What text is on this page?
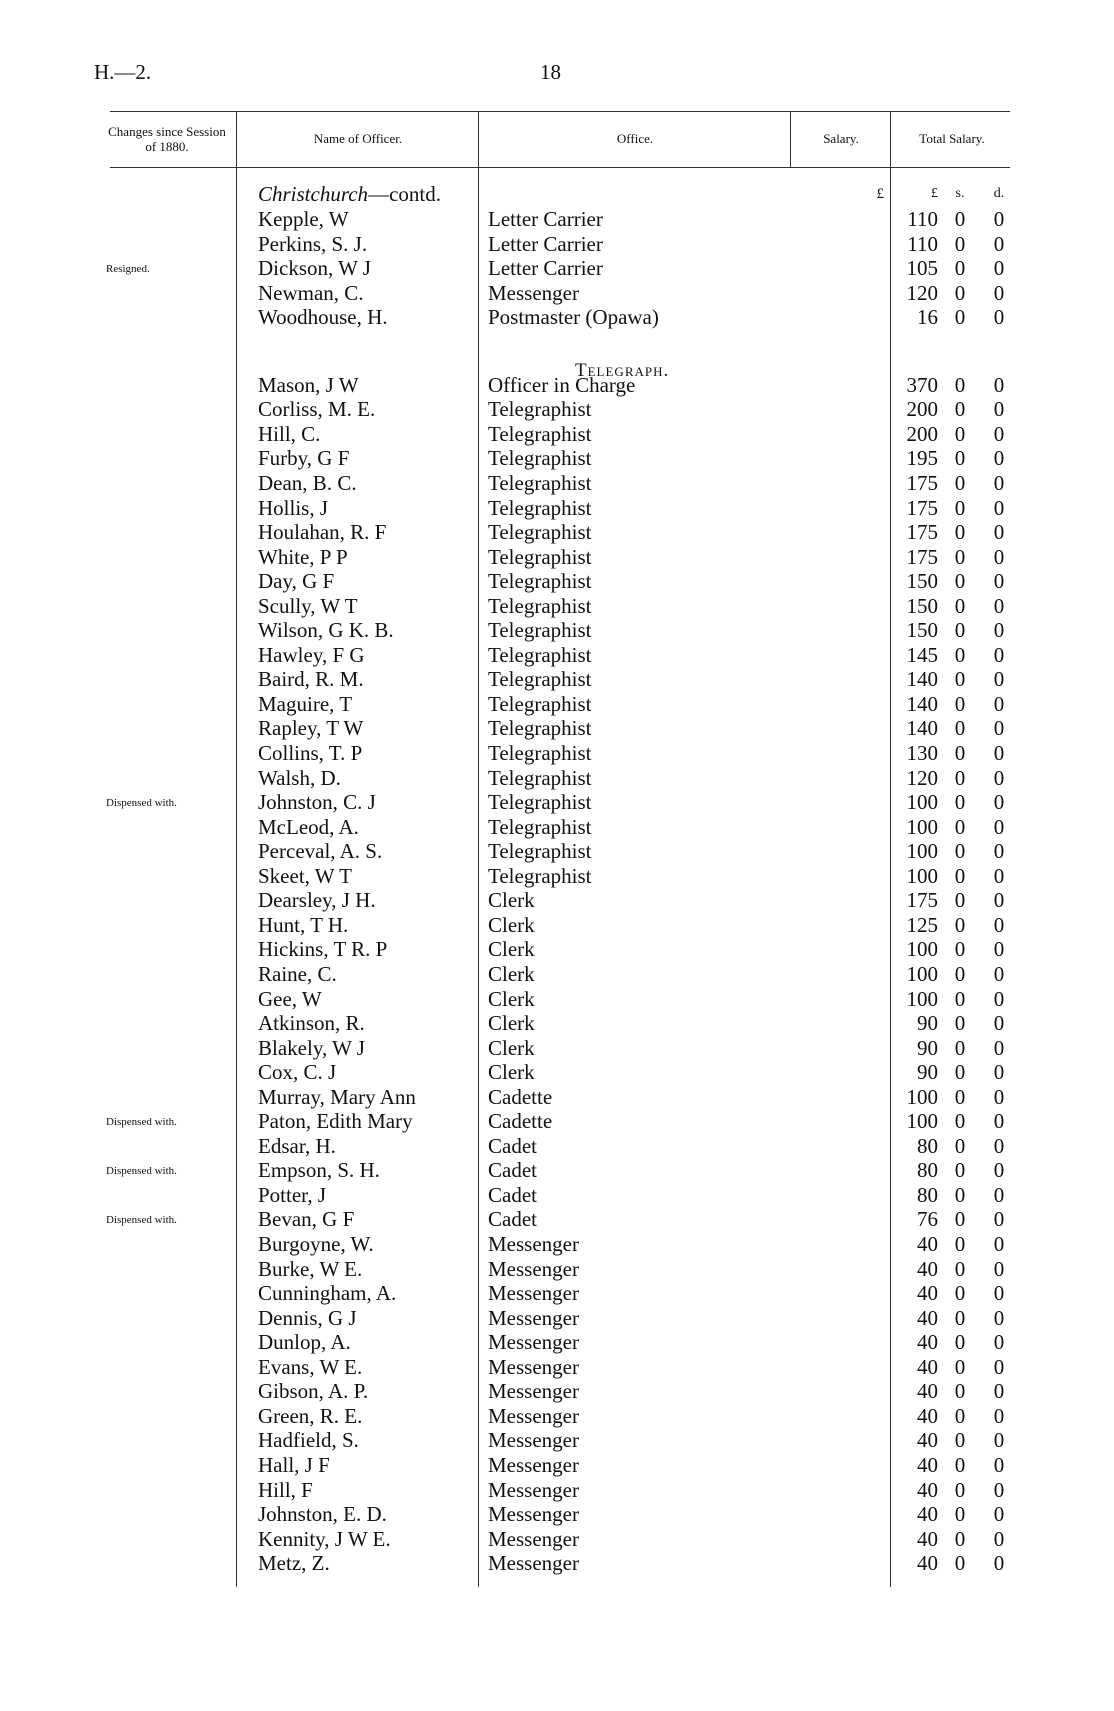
H.—2.	18
Changes since Session of 1880.
Name of Officer.	Office.	Salary.	Total Salary.
Christchurch—contd.	£	£	s.	d.
Telegraph.
Kepple, W	Letter Carrier	110 0 0
Perkins, S. J.	Letter Carrier	110 0 0
Resigned.	Dickson, W J	Letter Carrier	105 0 0
Newman, C.	Messenger	120 0 0
Woodhouse, H.	Postmaster (Opawa)	16 0 0
Mason, J W	Officer in Charge	370 0 0
Corliss, M. E.	Telegraphist	200 0 0
Hill, C.	Telegraphist	200 0 0
Furby, G F	Telegraphist	195 0 0
Dean, B. C.	Telegraphist	175 0 0
Hollis, J	Telegraphist	175 0 0
Houlahan, R. F	Telegraphist	175 0 0
White, P P	Telegraphist	175 0 0
Day, G F	Telegraphist	150 0 0
Scully, W T	Telegraphist	150 0 0
Wilson, G K. B.	Telegraphist	150 0 0
Hawley, F G	Telegraphist	145 0 0
Baird, R. M.	Telegraphist	140 0 0
Maguire, T	Telegraphist	140 0 0
Rapley, T W	Telegraphist	140 0 0
Collins, T. P	Telegraphist	130 0 0
Walsh, D.	Telegraphist	120 0 0
Dispensed with.	Johnston, C. J	Telegraphist	100 0 0
McLeod, A.	Telegraphist	100 0 0
Perceval, A. S.	Telegraphist	100 0 0
Skeet, W T	Telegraphist	100 0 0
Dearsley, J H.	Clerk	175 0 0
Hunt, T H.	Clerk	125 0 0
Hickins, T R. P	Clerk	100 0 0
Raine, C.	Clerk	100 0 0
Gee, W	Clerk	100 0 0
Atkinson, R.	Clerk	90 0 0
Blakely, W J	Clerk	90 0 0
Cox, C. J	Clerk	90 0 0
Murray, Mary Ann	Cadette	100 0 0
Dispensed with.	Paton, Edith Mary	Cadette	100 0 0
Edsar, H.	Cadet	80 0 0
Dispensed with.	Empson, S. H.	Cadet	80 0 0
Potter, J	Cadet	80 0 0
Dispensed with.	Bevan, G F	Cadet	76 0 0
Burgoyne, W.	Messenger	40 0 0
Burke, W E.	Messenger	40 0 0
Cunningham, A.	Messenger	40 0 0
Dennis, G J	Messenger	40 0 0
Dunlop, A.	Messenger	40 0 0
Evans, W E.	Messenger	40 0 0
Gibson, A. P.	Messenger	40 0 0
Green, R. E.	Messenger	40 0 0
Hadfield, S.	Messenger	40 0 0
Hall, J F	Messenger	40 0 0
Hill, F	Messenger	40 0 0
Johnston, E. D.	Messenger	40 0 0
Kennity, J W E.	Messenger	40 0 0
Metz, Z.	Messenger	40 0 0
